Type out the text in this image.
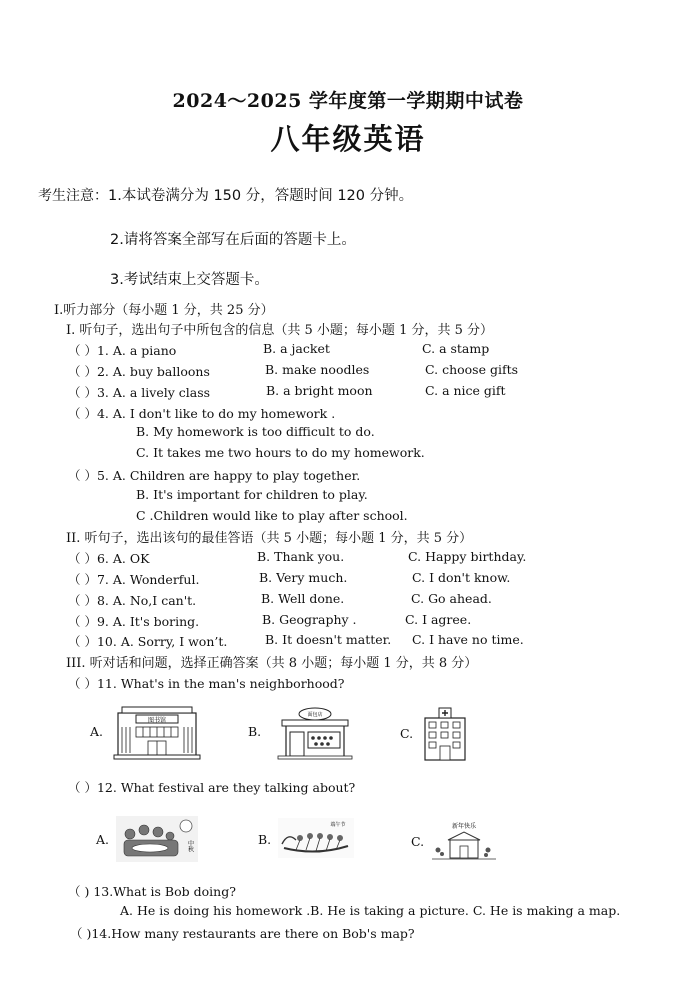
2024～2025 学年度第一学期期中试卷
八年级英语
考生注意： 1.本试卷满分为 150 分，答题时间 120 分钟。
2.请将答案全部写在后面的答题卡上。
3.考试结束上交答题卡。
I.听力部分（每小题 1 分，共 25 分）
I. 听句子，选出句子中所包含的信息（共 5 小题；每小题 1 分，共 5 分）
（ ）1. A. a piano	B. a jacket	C. a stamp
（ ）2. A. buy balloons	B. make noodles	C. choose gifts
（ ）3. A. a lively class	B. a bright moon	C. a nice gift
（ ）4. A. I don't like to do my homework .
B. My homework is too difficult to do.
C. It takes me two hours to do my homework.
（ ）5. A. Children are happy to play together.
B. It's important for children to play.
C .Children would like to play after school.
II. 听句子，选出该句的最佳答语（共 5 小题；每小题 1 分，共 5 分）
（ ）6. A. OK	B. Thank you.	C. Happy birthday.
（ ）7. A. Wonderful.	B. Very much.	C. I don't know.
（ ）8. A. No,I can't.	B. Well done.	C. Go ahead.
（ ）9. A. It's boring.	B. Geography .	C. I agree.
（ ）10. A. Sorry, I won’t.	B. It doesn't matter. C. I have no time.
III. 听对话和问题，选择正确答案（共 8 小题；每小题 1 分，共 8 分）
（ ）11. What's in the man's neighborhood?
A.	B.	C.
图书馆
面包店
（ ）12. What festival are they talking about?
A.	B.	C.
中秋
端午节	新年快乐
（ ) 13.What is Bob doing?
A. He is doing his homework .B. He is taking a picture. C. He is making a map.
（ )14.How many restaurants are there on Bob's map?
